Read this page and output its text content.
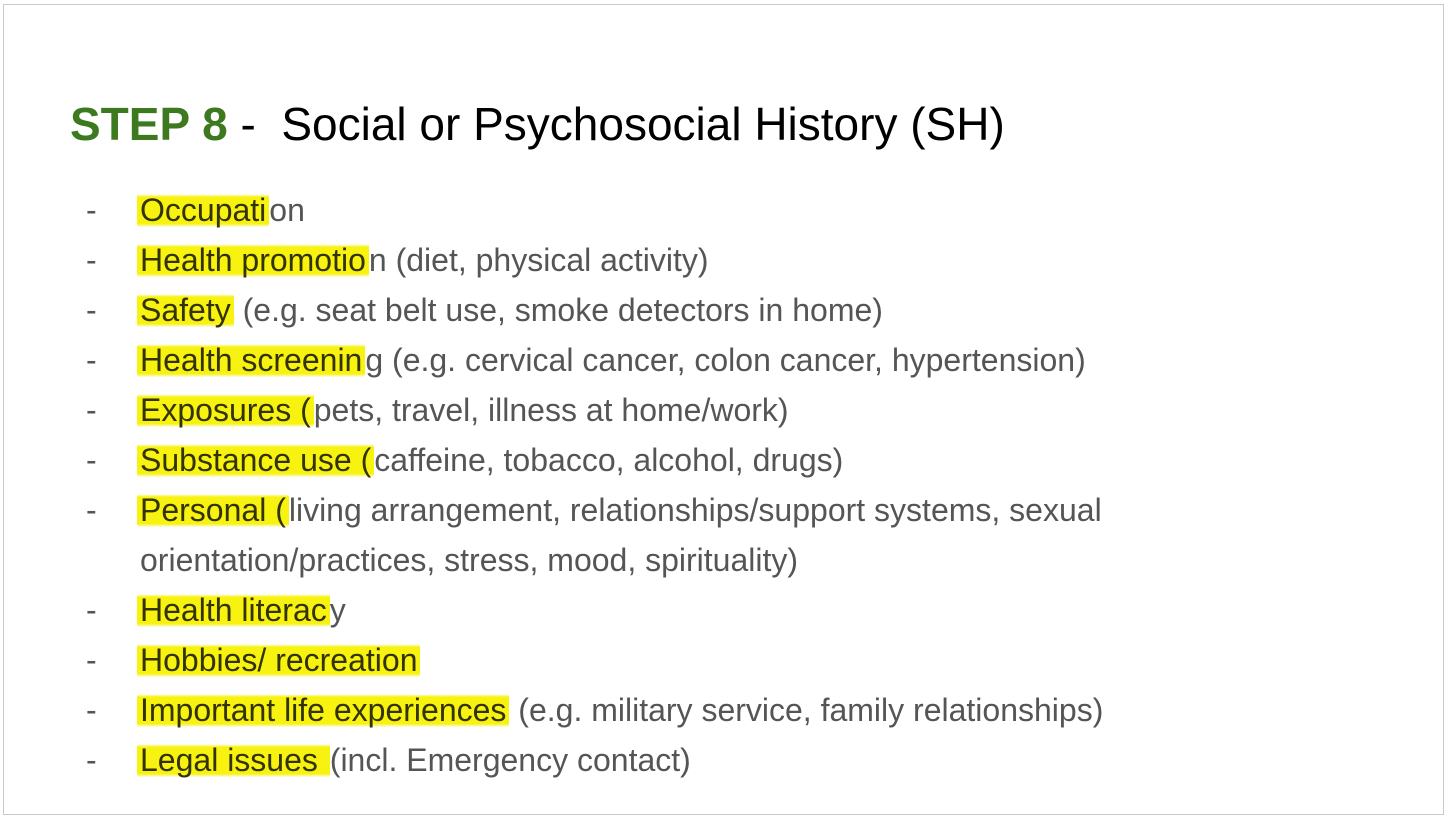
STEP 8 -  Social or Psychosocial History (SH)
- Occupation
- Health promotion (diet, physical activity)
- Safety (e.g. seat belt use, smoke detectors in home)
- Health screening (e.g. cervical cancer, colon cancer, hypertension)
- Exposures (pets, travel, illness at home/work)
- Substance use (caffeine, tobacco, alcohol, drugs)
- Personal (living arrangement, relationships/support systems, sexual orientation/practices, stress, mood, spirituality)
- Health literacy
- Hobbies/ recreation
- Important life experiences (e.g. military service, family relationships)
- Legal issues (incl. Emergency contact)
